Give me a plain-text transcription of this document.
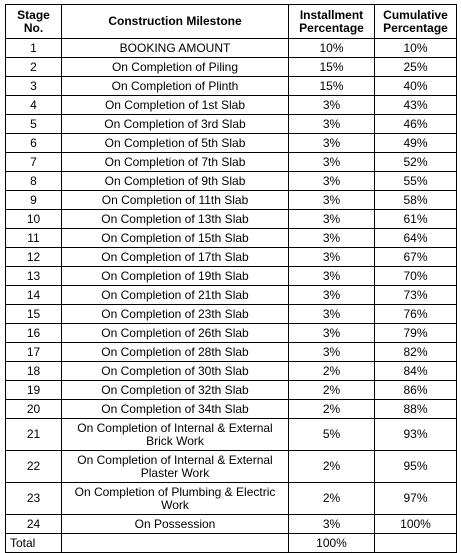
Stage No.	Construction Milestone	Installment Percentage	Cumulative Percentage
1	BOOKING AMOUNT	10%	10%
2	On Completion of Piling	15%	25%
3	On Completion of Plinth	15%	40%
4	On Completion of 1st Slab	3%	43%
5	On Completion of 3rd Slab	3%	46%
6	On Completion of 5th Slab	3%	49%
7	On Completion of 7th Slab	3%	52%
8	On Completion of 9th Slab	3%	55%
9	On Completion of 11th Slab	3%	58%
10	On Completion of 13th Slab	3%	61%
11	On Completion of 15th Slab	3%	64%
12	On Completion of 17th Slab	3%	67%
13	On Completion of 19th Slab	3%	70%
14	On Completion of 21th Slab	3%	73%
15	On Completion of 23th Slab	3%	76%
16	On Completion of 26th Slab	3%	79%
17	On Completion of 28th Slab	3%	82%
18	On Completion of 30th Slab	2%	84%
19	On Completion of 32th Slab	2%	86%
20	On Completion of 34th Slab	2%	88%
21	On Completion of Internal & External Brick Work	5%	93%
22	On Completion of Internal & External Plaster Work	2%	95%
23	On Completion of Plumbing & Electric Work	2%	97%
24	On Possession	3%	100%
Total		100%	
